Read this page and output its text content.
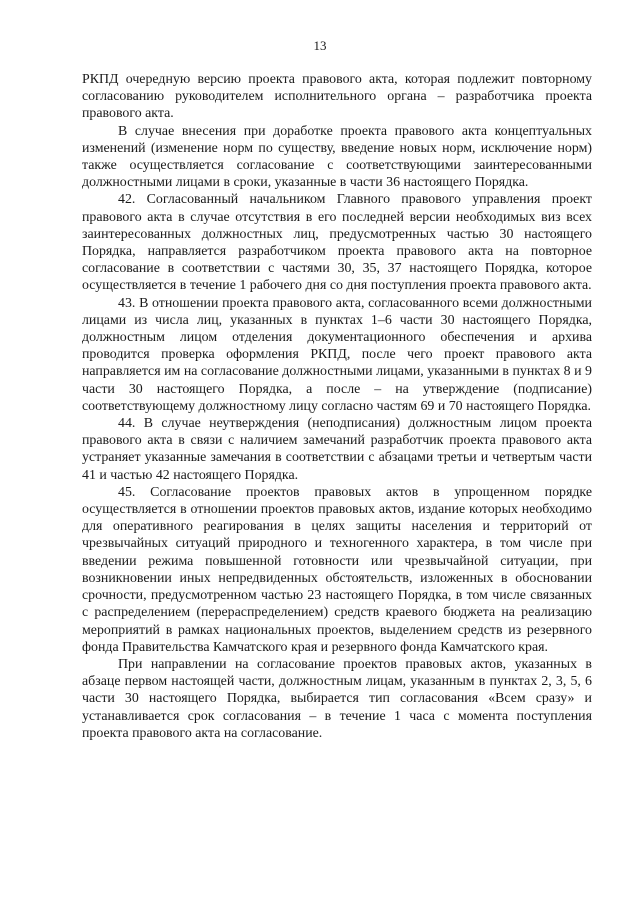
13

РКПД очередную версию проекта правового акта, которая подлежит повторному согласованию руководителем исполнительного органа – разработчика проекта правового акта.

В случае внесения при доработке проекта правового акта концептуальных изменений (изменение норм по существу, введение новых норм, исключение норм) также осуществляется согласование с соответствующими заинтересованными должностными лицами в сроки, указанные в части 36 настоящего Порядка.

42. Согласованный начальником Главного правового управления проект правового акта в случае отсутствия в его последней версии необходимых виз всех заинтересованных должностных лиц, предусмотренных частью 30 настоящего Порядка, направляется разработчиком проекта правового акта на повторное согласование в соответствии с частями 30, 35, 37 настоящего Порядка, которое осуществляется в течение 1 рабочего дня со дня поступления проекта правового акта.

43. В отношении проекта правового акта, согласованного всеми должностными лицами из числа лиц, указанных в пунктах 1–6 части 30 настоящего Порядка, должностным лицом отделения документационного обеспечения и архива проводится проверка оформления РКПД, после чего проект правового акта направляется им на согласование должностными лицами, указанными в пунктах 8 и 9 части 30 настоящего Порядка, а после – на утверждение (подписание) соответствующему должностному лицу согласно частям 69 и 70 настоящего Порядка.

44. В случае неутверждения (неподписания) должностным лицом проекта правового акта в связи с наличием замечаний разработчик проекта правового акта устраняет указанные замечания в соответствии с абзацами третьи и четвертым части 41 и частью 42 настоящего Порядка.

45. Согласование проектов правовых актов в упрощенном порядке осуществляется в отношении проектов правовых актов, издание которых необходимо для оперативного реагирования в целях защиты населения и территорий от чрезвычайных ситуаций природного и техногенного характера, в том числе при введении режима повышенной готовности или чрезвычайной ситуации, при возникновении иных непредвиденных обстоятельств, изложенных в обосновании срочности, предусмотренном частью 23 настоящего Порядка, в том числе связанных с распределением (перераспределением) средств краевого бюджета на реализацию мероприятий в рамках национальных проектов, выделением средств из резервного фонда Правительства Камчатского края и резервного фонда Камчатского края.

При направлении на согласование проектов правовых актов, указанных в абзаце первом настоящей части, должностным лицам, указанным в пунктах 2, 3, 5, 6 части 30 настоящего Порядка, выбирается тип согласования «Всем сразу» и устанавливается срок согласования – в течение 1 часа с момента поступления проекта правового акта на согласование.
